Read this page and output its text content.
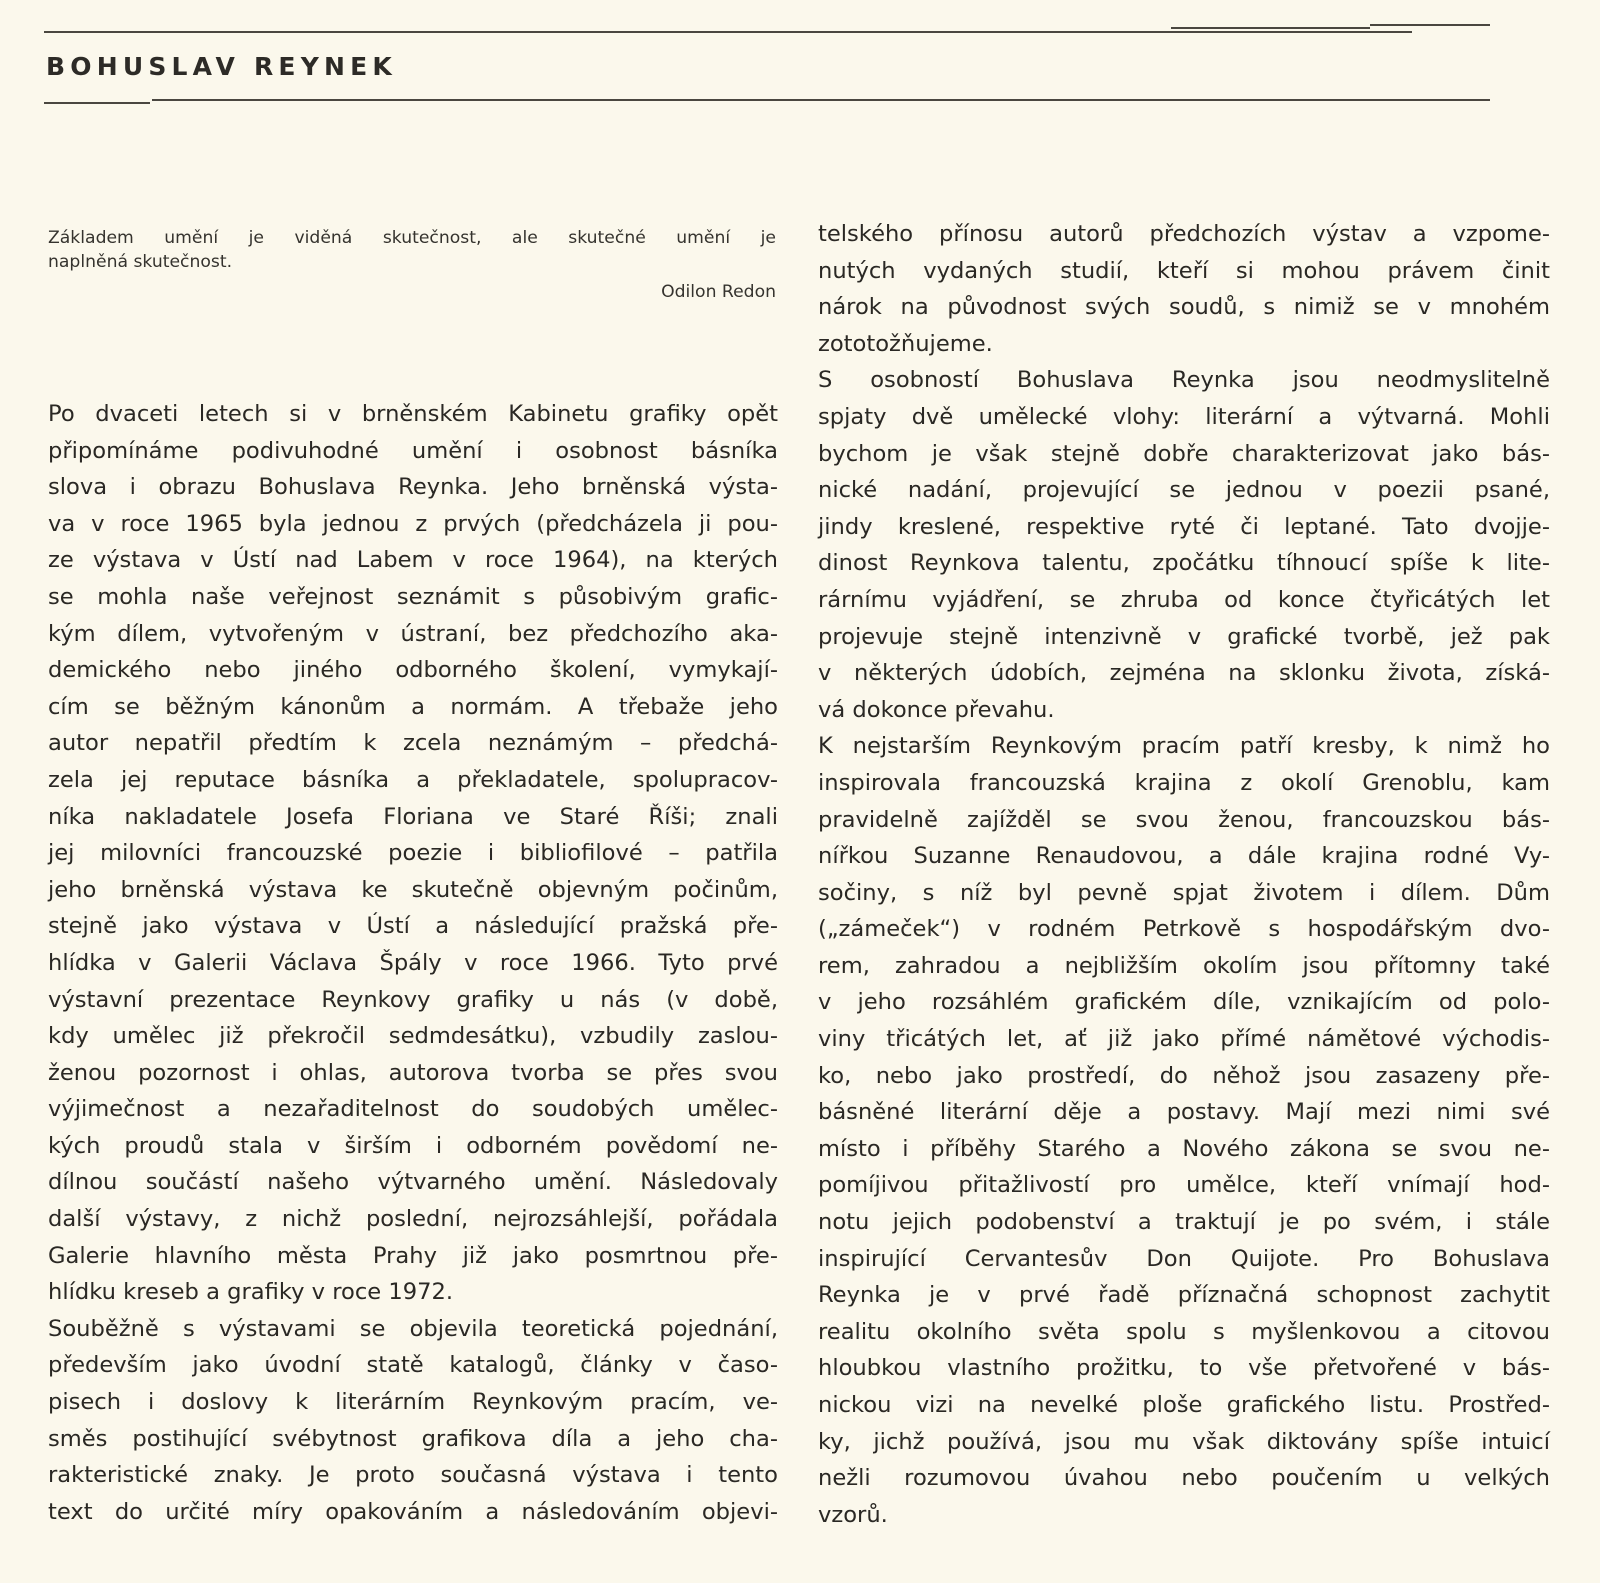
BOHUSLAV REYNEK
Základem umění je viděná skutečnost, ale skutečné umění je
naplněná skutečnost.
Odilon Redon
Po dvaceti letech si v brněnském Kabinetu grafiky opět
připomínáme podivuhodné umění i osobnost básníka
slova i obrazu Bohuslava Reynka. Jeho brněnská výsta-
va v roce 1965 byla jednou z prvých (předcházela ji pou-
ze výstava v Ústí nad Labem v roce 1964), na kterých
se mohla naše veřejnost seznámit s působivým grafic-
kým dílem, vytvořeným v ústraní, bez předchozího aka-
demického nebo jiného odborného školení, vymykají-
cím se běžným kánonům a normám. A třebaže jeho
autor nepatřil předtím k zcela neznámým – předchá-
zela jej reputace básníka a překladatele, spolupracov-
níka nakladatele Josefa Floriana ve Staré Říši; znali
jej milovníci francouzské poezie i bibliofilové – patřila
jeho brněnská výstava ke skutečně objevným počinům,
stejně jako výstava v Ústí a následující pražská pře-
hlídka v Galerii Václava Špály v roce 1966. Tyto prvé
výstavní prezentace Reynkovy grafiky u nás (v době,
kdy umělec již překročil sedmdesátku), vzbudily zaslou-
ženou pozornost i ohlas, autorova tvorba se přes svou
výjimečnost a nezařaditelnost do soudobých umělec-
kých proudů stala v širším i odborném povědomí ne-
dílnou součástí našeho výtvarného umění. Následovaly
další výstavy, z nichž poslední, nejrozsáhlejší, pořádala
Galerie hlavního města Prahy již jako posmrtnou pře-
hlídku kreseb a grafiky v roce 1972.
Souběžně s výstavami se objevila teoretická pojednání,
především jako úvodní statě katalogů, články v časo-
pisech i doslovy k literárním Reynkovým pracím, ve-
směs postihující svébytnost grafikova díla a jeho cha-
rakteristické znaky. Je proto současná výstava i tento
text do určité míry opakováním a následováním objevi-
telského přínosu autorů předchozích výstav a vzpome-
nutých vydaných studií, kteří si mohou právem činit
nárok na původnost svých soudů, s nimiž se v mnohém
zototožňujeme.
S osobností Bohuslava Reynka jsou neodmyslitelně
spjaty dvě umělecké vlohy: literární a výtvarná. Mohli
bychom je však stejně dobře charakterizovat jako bás-
nické nadání, projevující se jednou v poezii psané,
jindy kreslené, respektive ryté či leptané. Tato dvojje-
dinost Reynkova talentu, zpočátku tíhnoucí spíše k lite-
rárnímu vyjádření, se zhruba od konce čtyřicátých let
projevuje stejně intenzivně v grafické tvorbě, jež pak
v některých údobích, zejména na sklonku života, získá-
vá dokonce převahu.
K nejstarším Reynkovým pracím patří kresby, k nimž ho
inspirovala francouzská krajina z okolí Grenoblu, kam
pravidelně zajížděl se svou ženou, francouzskou bás-
nířkou Suzanne Renaudovou, a dále krajina rodné Vy-
sočiny, s níž byl pevně spjat životem i dílem. Dům
(„zámeček“) v rodném Petrkově s hospodářským dvo-
rem, zahradou a nejbližším okolím jsou přítomny také
v jeho rozsáhlém grafickém díle, vznikajícím od polo-
viny třicátých let, ať již jako přímé námětové východis-
ko, nebo jako prostředí, do něhož jsou zasazeny pře-
básněné literární děje a postavy. Mají mezi nimi své
místo i příběhy Starého a Nového zákona se svou ne-
pomíjivou přitažlivostí pro umělce, kteří vnímají hod-
notu jejich podobenství a traktují je po svém, i stále
inspirující Cervantesův Don Quijote. Pro Bohuslava
Reynka je v prvé řadě příznačná schopnost zachytit
realitu okolního světa spolu s myšlenkovou a citovou
hloubkou vlastního prožitku, to vše přetvořené v bás-
nickou vizi na nevelké ploše grafického listu. Prostřed-
ky, jichž používá, jsou mu však diktovány spíše intuicí
nežli rozumovou úvahou nebo poučením u velkých
vzorů.
